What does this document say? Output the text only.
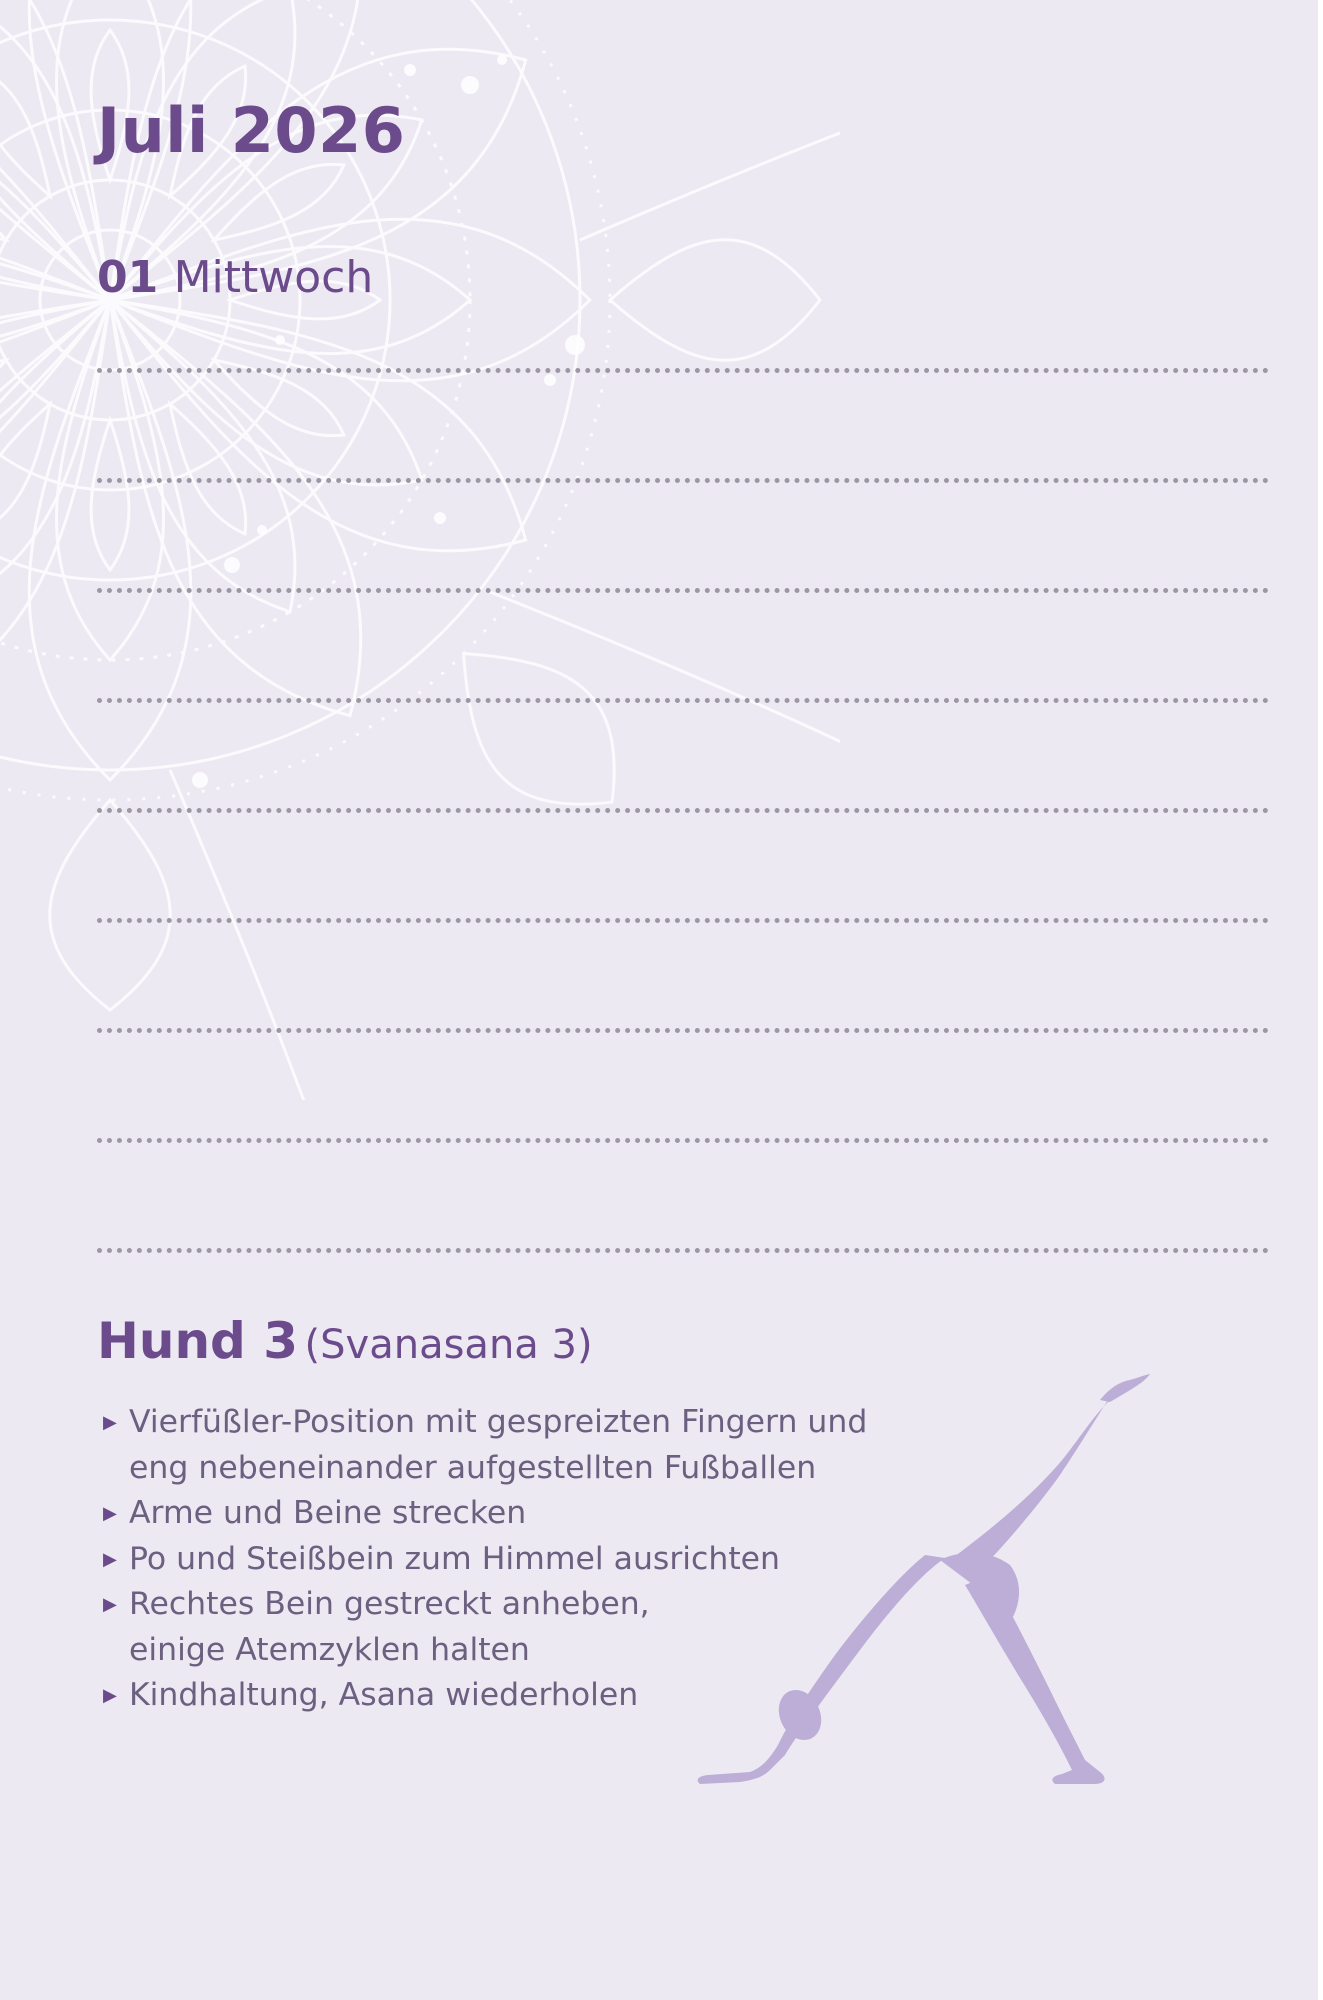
Juli 2026
01 Mittwoch
Hund 3 (Svanasana 3)
▶ Vierfüßler-Position mit gespreizten Fingern und
eng nebeneinander aufgestellten Fußballen
▶ Arme und Beine strecken
▶ Po und Steißbein zum Himmel ausrichten
▶ Rechtes Bein gestreckt anheben,
einige Atemzyklen halten
▶ Kindhaltung, Asana wiederholen
